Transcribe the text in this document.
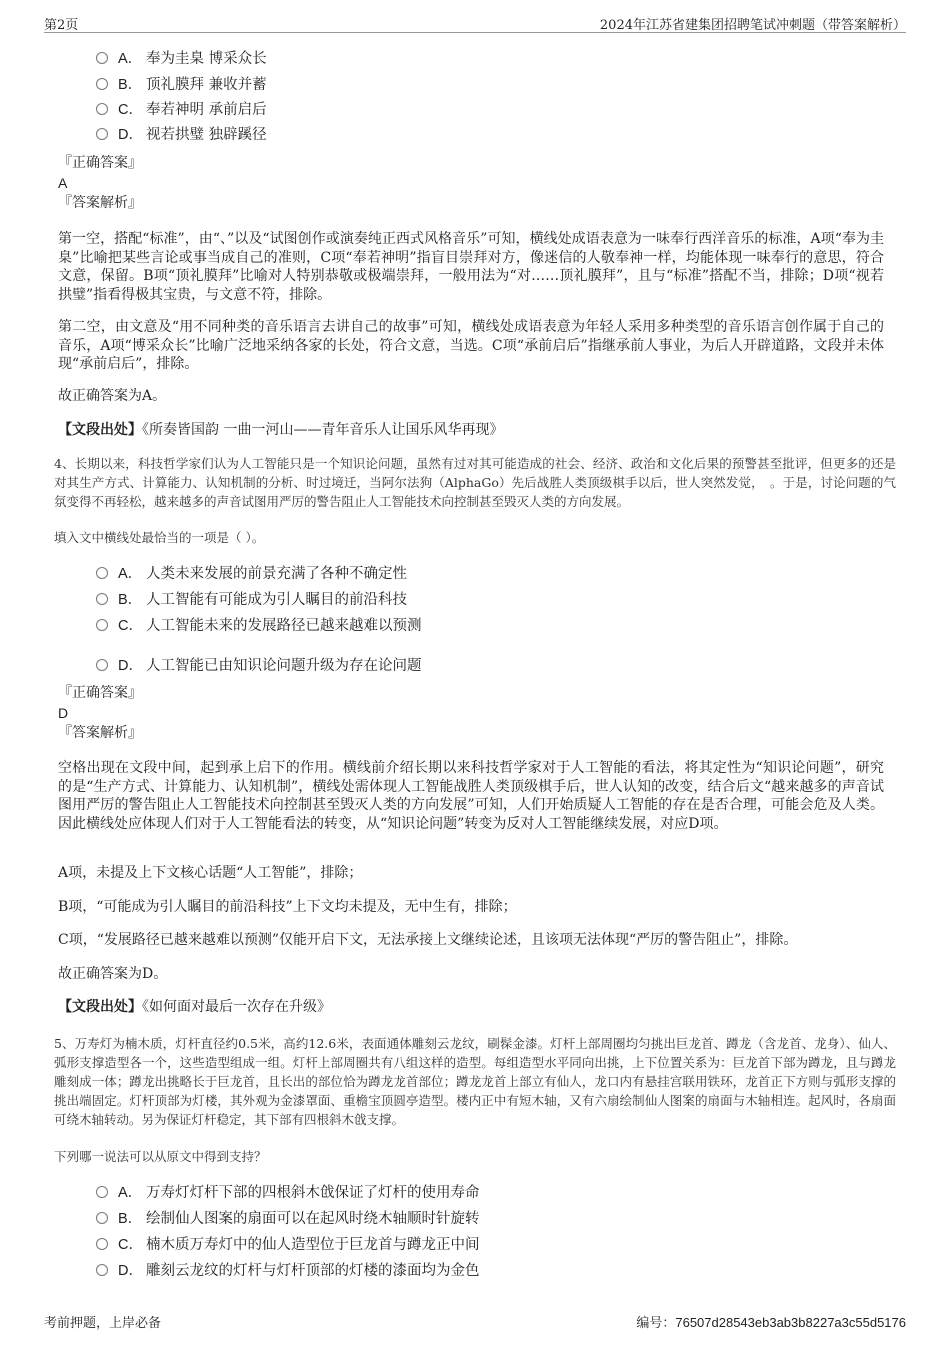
第2页	2024年江苏省建集团招聘笔试冲刺题（带答案解析）
A． 奉为圭臬 博采众长
B． 顶礼膜拜 兼收并蓄
C． 奉若神明 承前启后
D． 视若拱璧 独辟蹊径
『正确答案』
A
『答案解析』
第一空，搭配“标准”，由“、”以及“试图创作或演奏纯正西式风格音乐”可知，横线处成语表意为一味奉行西洋音乐的标准，A项“奉为圭臬”比喻把某些言论或事当成自己的准则，C项“奉若神明”指盲目崇拜对方，像迷信的人敬奉神一样，均能体现一味奉行的意思，符合文意，保留。B项“顶礼膜拜”比喻对人特别恭敬或极端崇拜，一般用法为“对……顶礼膜拜”，且与“标准”搭配不当，排除；D项“视若拱璧”指看得极其宝贵，与文意不符，排除。
第二空，由文意及“用不同种类的音乐语言去讲自己的故事”可知，横线处成语表意为年轻人采用多种类型的音乐语言创作属于自己的音乐，A项“博采众长”比喻广泛地采纳各家的长处，符合文意，当选。C项“承前启后”指继承前人事业，为后人开辟道路，文段并未体现“承前启后”，排除。
故正确答案为A。
【文段出处】《所奏皆国韵 一曲一河山——青年音乐人让国乐风华再现》
4、长期以来，科技哲学家们认为人工智能只是一个知识论问题，虽然有过对其可能造成的社会、经济、政治和文化后果的预警甚至批评，但更多的还是对其生产方式、计算能力、认知机制的分析、时过境迁，当阿尔法狗（AlphaGo）先后战胜人类顶级棋手以后，世人突然发觉，　。于是，讨论问题的气氛变得不再轻松，越来越多的声音试图用严厉的警告阻止人工智能技术向控制甚至毁灭人类的方向发展。
填入文中横线处最恰当的一项是（ ）。
A． 人类未来发展的前景充满了各种不确定性
B． 人工智能有可能成为引人瞩目的前沿科技
C． 人工智能未来的发展路径已越来越难以预测
D． 人工智能已由知识论问题升级为存在论问题
『正确答案』
D
『答案解析』
空格出现在文段中间，起到承上启下的作用。横线前介绍长期以来科技哲学家对于人工智能的看法，将其定性为“知识论问题”，研究的是“生产方式、计算能力、认知机制”，横线处需体现人工智能战胜人类顶级棋手后，世人认知的改变，结合后文“越来越多的声音试图用严厉的警告阻止人工智能技术向控制甚至毁灭人类的方向发展”可知，人们开始质疑人工智能的存在是否合理，可能会危及人类。因此横线处应体现人们对于人工智能看法的转变，从“知识论问题”转变为反对人工智能继续发展，对应D项。
A项，未提及上下文核心话题“人工智能”，排除；
B项，“可能成为引人瞩目的前沿科技”上下文均未提及，无中生有，排除；
C项，“发展路径已越来越难以预测”仅能开启下文，无法承接上文继续论述，且该项无法体现“严厉的警告阻止”，排除。
故正确答案为D。
【文段出处】《如何面对最后一次存在升级》
5、万寿灯为楠木质，灯杆直径约0.5米，高约12.6米，表面通体雕刻云龙纹，刷髹金漆。灯杆上部周圈均匀挑出巨龙首、蹲龙（含龙首、龙身）、仙人、弧形支撑造型各一个，这些造型组成一组。灯杆上部周圈共有八组这样的造型。每组造型水平同向出挑，上下位置关系为：巨龙首下部为蹲龙，且与蹲龙雕刻成一体；蹲龙出挑略长于巨龙首，且长出的部位恰为蹲龙龙首部位；蹲龙龙首上部立有仙人，龙口内有悬挂宫联用铁环，龙首正下方则与弧形支撑的挑出端固定。灯杆顶部为灯楼，其外观为金漆罩面、重檐宝顶圆亭造型。楼内正中有短木轴，又有六扇绘制仙人图案的扇面与木轴相连。起风时，各扇面可绕木轴转动。另为保证灯杆稳定，其下部有四根斜木戗支撑。
下列哪一说法可以从原文中得到支持？
A． 万寿灯灯杆下部的四根斜木戗保证了灯杆的使用寿命
B． 绘制仙人图案的扇面可以在起风时绕木轴顺时针旋转
C． 楠木质万寿灯中的仙人造型位于巨龙首与蹲龙正中间
D． 雕刻云龙纹的灯杆与灯杆顶部的灯楼的漆面均为金色
考前押题，上岸必备	编号：76507d28543eb3ab3b8227a3c55d5176
